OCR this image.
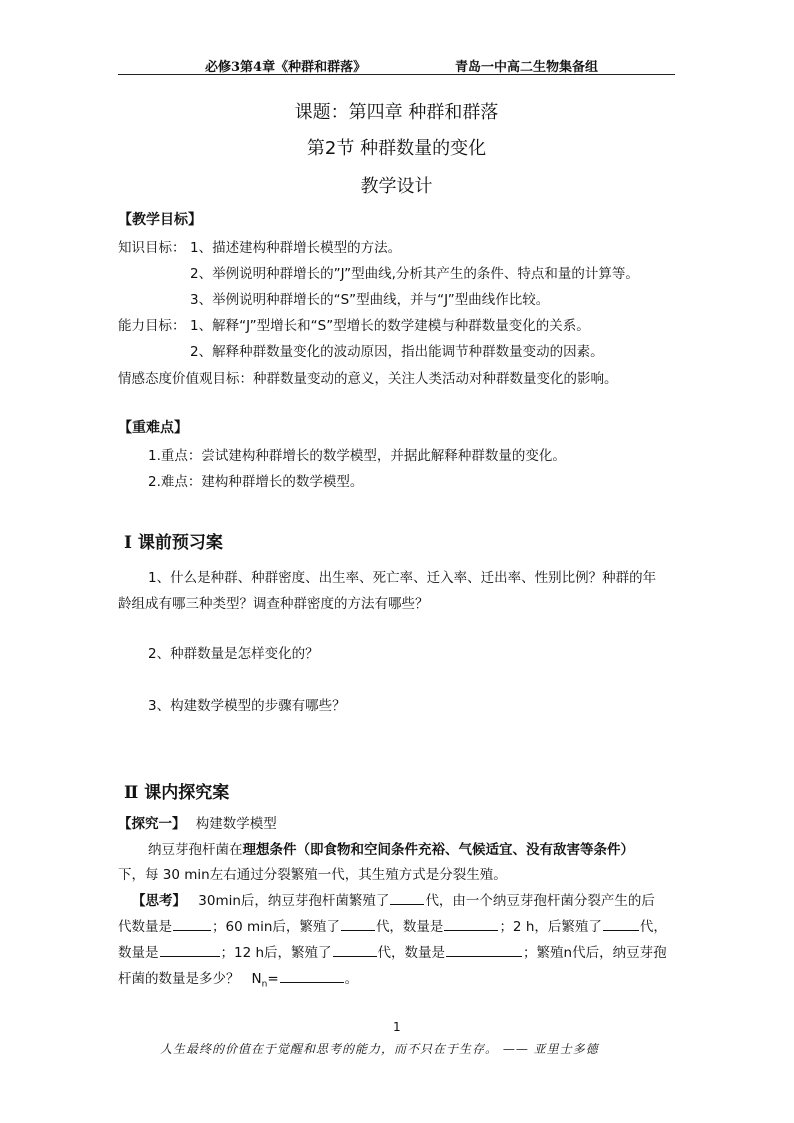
必修3第4章《种群和群落》	青岛一中高二生物集备组
课题：第四章 种群和群落
第2节 种群数量的变化
教学设计
【教学目标】
知识目标： 1、描述建构种群增长模型的方法。
2、举例说明种群增长的”J”型曲线,分析其产生的条件、特点和量的计算等。
3、举例说明种群增长的“S”型曲线，并与“J”型曲线作比较。
能力目标： 1、解释“J”型增长和“S”型增长的数学建模与种群数量变化的关系。
2、解释种群数量变化的波动原因，指出能调节种群数量变动的因素。
情感态度价值观目标：种群数量变动的意义，关注人类活动对种群数量变化的影响。
【重难点】
1.重点：尝试建构种群增长的数学模型，并据此解释种群数量的变化。
2.难点：建构种群增长的数学模型。
Ⅰ 课前预习案
1、什么是种群、种群密度、出生率、死亡率、迁入率、迁出率、性别比例？种群的年
龄组成有哪三种类型？调查种群密度的方法有哪些？
2、种群数量是怎样变化的？
3、构建数学模型的步骤有哪些？
Ⅱ 课内探究案
【探究一】 构建数学模型
纳豆芽孢杆菌在理想条件（即食物和空间条件充裕、气候适宜、没有敌害等条件）
下，每 30 min左右通过分裂繁殖一代，其生殖方式是分裂生殖。
【思考】 30min后，纳豆芽孢杆菌繁殖了	代，由一个纳豆芽孢杆菌分裂产生的后
代数量是	；60 min后，繁殖了	代，数量是	；2 h，后繁殖了	代，
数量是	；12 h后，繁殖了	代，数量是	；繁殖n代后，纳豆芽孢
杆菌的数量是多少？ $N_n=$	。
1
人生最终的价值在于觉醒和思考的能力，而不只在于生存。 —— 亚里士多德
